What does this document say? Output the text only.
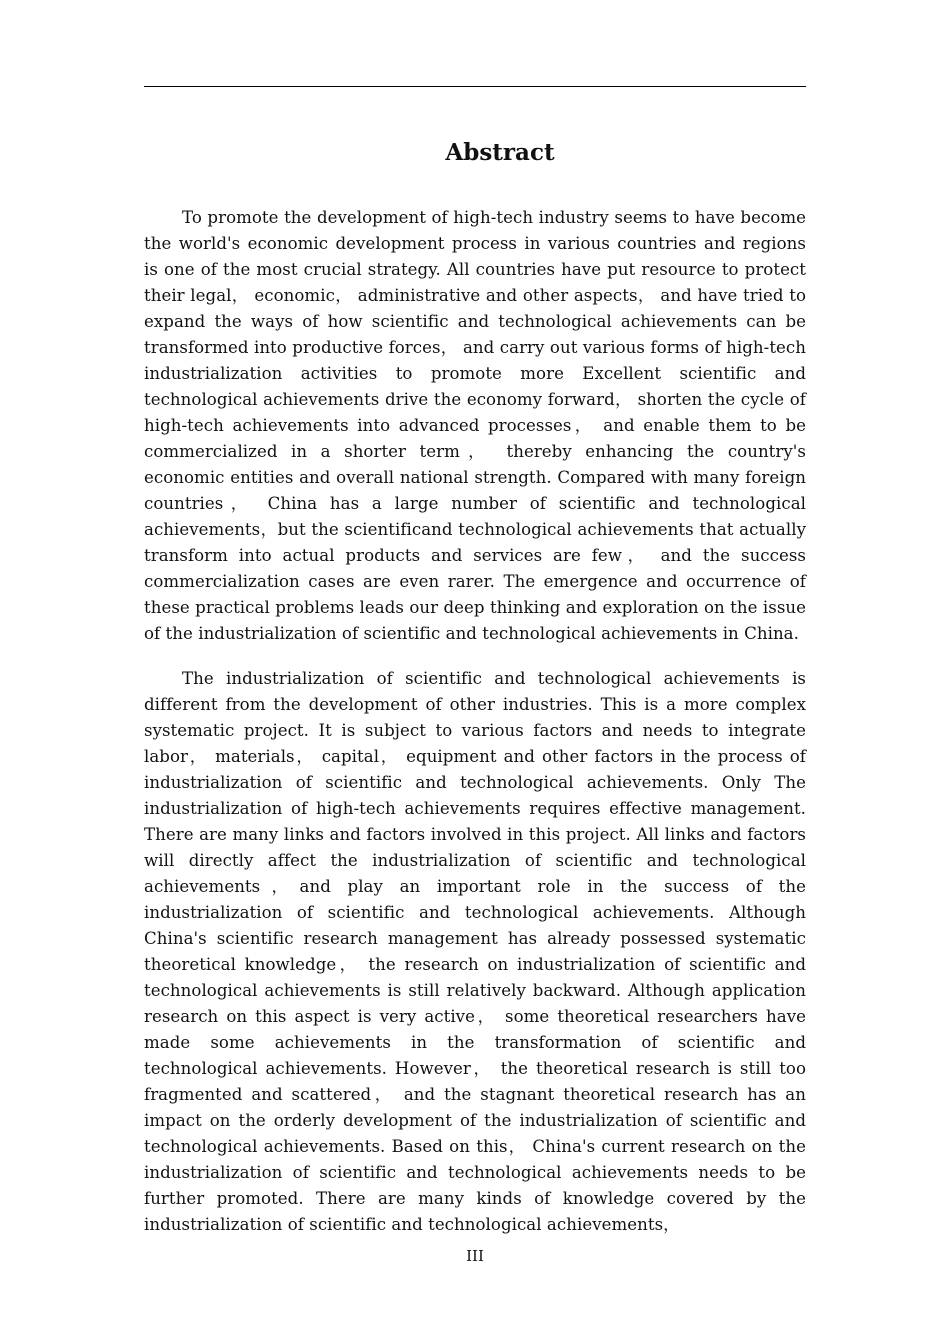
Abstract

To promote the development of high-tech industry seems to have become the world's economic development process in various countries and regions is one of the most crucial strategy. All countries have put resource to protect their legal， economic， administrative and other aspects， and have tried to expand the ways of how scientific and technological achievements can be transformed into productive forces， and carry out various forms of high-tech industrialization activities to promote more Excellent scientific and technological achievements drive the economy forward， shorten the cycle of high-tech achievements into advanced processes， and enable them to be commercialized in a shorter term， thereby enhancing the country's economic entities and overall national strength. Compared with many foreign countries， China has a large number of scientific and technological achievements，but the scientificand technological achievements that actually transform into actual products and services are few， and the success commercialization cases are even rarer. The emergence and occurrence of these practical problems leads our deep thinking and exploration on the issue of the industrialization of scientific and technological achievements in China.

The industrialization of scientific and technological achievements is different from the development of other industries. This is a more complex systematic project. It is subject to various factors and needs to integrate labor， materials， capital， equipment and other factors in the process of industrialization of scientific and technological achievements. Only The industrialization of high-tech achievements requires effective management. There are many links and factors involved in this project. All links and factors will directly affect the industrialization of scientific and technological achievements，and play an important role in the success of the industrialization of scientific and technological achievements. Although China's scientific research management has already possessed systematic theoretical knowledge， the research on industrialization of scientific and technological achievements is still relatively backward. Although application research on this aspect is very active， some theoretical researchers have made some achievements in the transformation of scientific and technological achievements. However， the theoretical research is still too fragmented and scattered， and the stagnant theoretical research has an impact on the orderly development of the industrialization of scientific and technological achievements. Based on this， China's current research on the industrialization of scientific and technological achievements needs to be further promoted. There are many kinds of knowledge covered by the industrialization of scientific and technological achievements，

III
